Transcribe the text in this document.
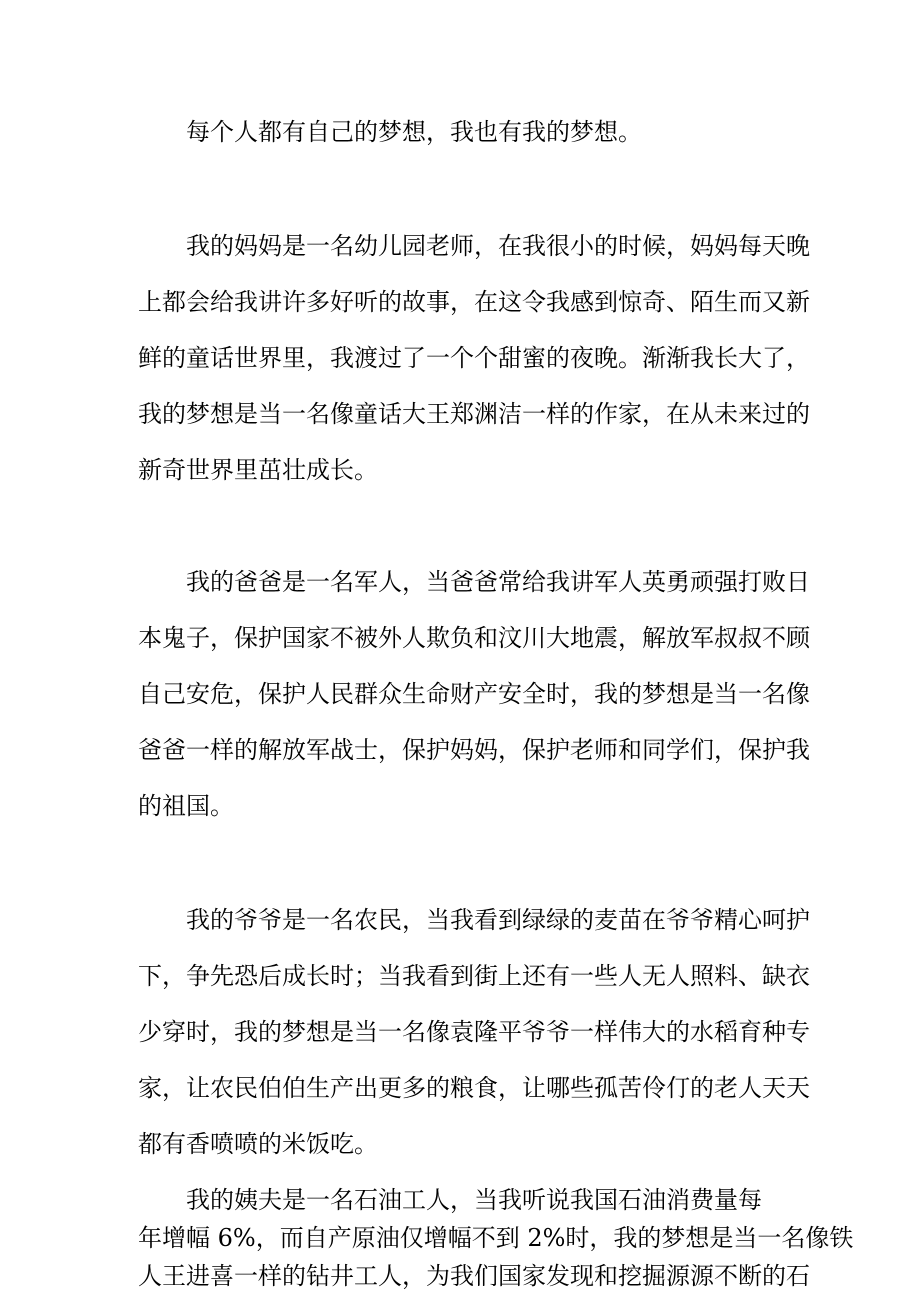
每个人都有自己的梦想，我也有我的梦想。
我的妈妈是一名幼儿园老师，在我很小的时候，妈妈每天晚
上都会给我讲许多好听的故事，在这令我感到惊奇、陌生而又新
鲜的童话世界里，我渡过了一个个甜蜜的夜晚。渐渐我长大了，
我的梦想是当一名像童话大王郑渊洁一样的作家，在从未来过的
新奇世界里茁壮成长。
我的爸爸是一名军人，当爸爸常给我讲军人英勇顽强打败日
本鬼子，保护国家不被外人欺负和汶川大地震，解放军叔叔不顾
自己安危，保护人民群众生命财产安全时，我的梦想是当一名像
爸爸一样的解放军战士，保护妈妈，保护老师和同学们，保护我
的祖国。
我的爷爷是一名农民，当我看到绿绿的麦苗在爷爷精心呵护
下，争先恐后成长时；当我看到街上还有一些人无人照料、缺衣
少穿时，我的梦想是当一名像袁隆平爷爷一样伟大的水稻育种专
家，让农民伯伯生产出更多的粮食，让哪些孤苦伶仃的老人天天
都有香喷喷的米饭吃。
我的姨夫是一名石油工人，当我听说我国石油消费量每
年增幅 6%，而自产原油仅增幅不到 2%时，我的梦想是当一名像铁
人王进喜一样的钻井工人，为我们国家发现和挖掘源源不断的石
